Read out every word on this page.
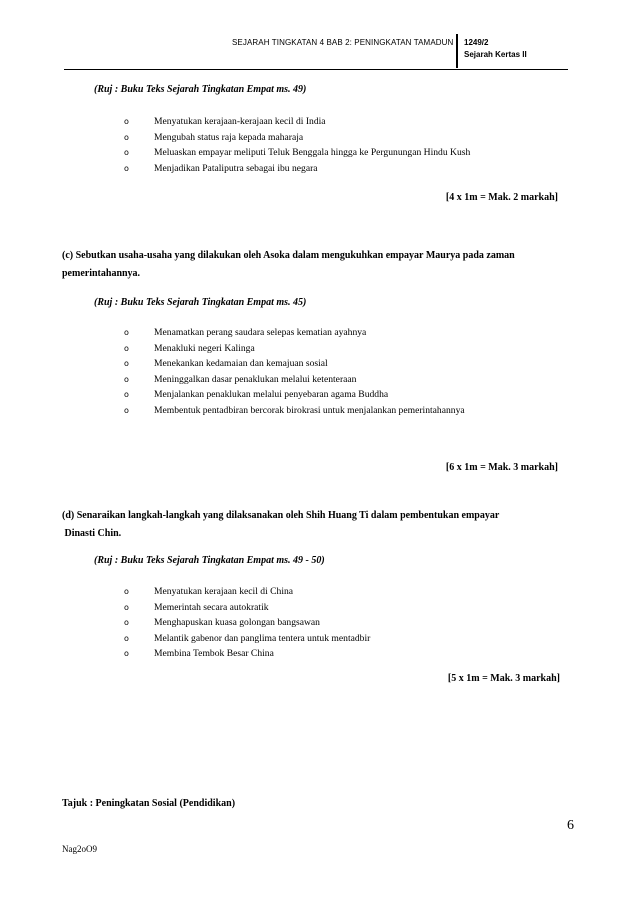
SEJARAH TINGKATAN 4 BAB 2: PENINGKATAN TAMADUN 1249/2
Sejarah Kertas II
(Ruj : Buku Teks Sejarah Tingkatan Empat ms. 49)
o	Menyatukan kerajaan-kerajaan kecil di India
o	Mengubah status raja kepada maharaja
o	Meluaskan empayar meliputi Teluk Benggala hingga ke Pergunungan Hindu Kush
o	Menjadikan Pataliputra sebagai ibu negara
[4 x 1m = Mak. 2 markah]
(c) Sebutkan usaha-usaha yang dilakukan oleh Asoka dalam mengukuhkan empayar Maurya pada zaman
pemerintahannya.
(Ruj : Buku Teks Sejarah Tingkatan Empat ms. 45)
o	Menamatkan perang saudara selepas kematian ayahnya
o	Menakluki negeri Kalinga
o	Menekankan kedamaian dan kemajuan sosial
o	Meninggalkan dasar penaklukan melalui ketenteraan
o	Menjalankan penaklukan melalui penyebaran agama Buddha
o	Membentuk pentadbiran bercorak birokrasi untuk menjalankan pemerintahannya
[6 x 1m = Mak. 3 markah]
(d) Senaraikan langkah-langkah yang dilaksanakan oleh Shih Huang Ti dalam pembentukan empayar
Dinasti Chin.
(Ruj : Buku Teks Sejarah Tingkatan Empat ms. 49 - 50)
o	Menyatukan kerajaan kecil di China
o	Memerintah secara autokratik
o	Menghapuskan kuasa golongan bangsawan
o	Melantik gabenor dan panglima tentera untuk mentadbir
o	Membina Tembok Besar China
[5 x 1m = Mak. 3 markah]
Tajuk : Peningkatan Sosial (Pendidikan)
6
Nag2oO9
